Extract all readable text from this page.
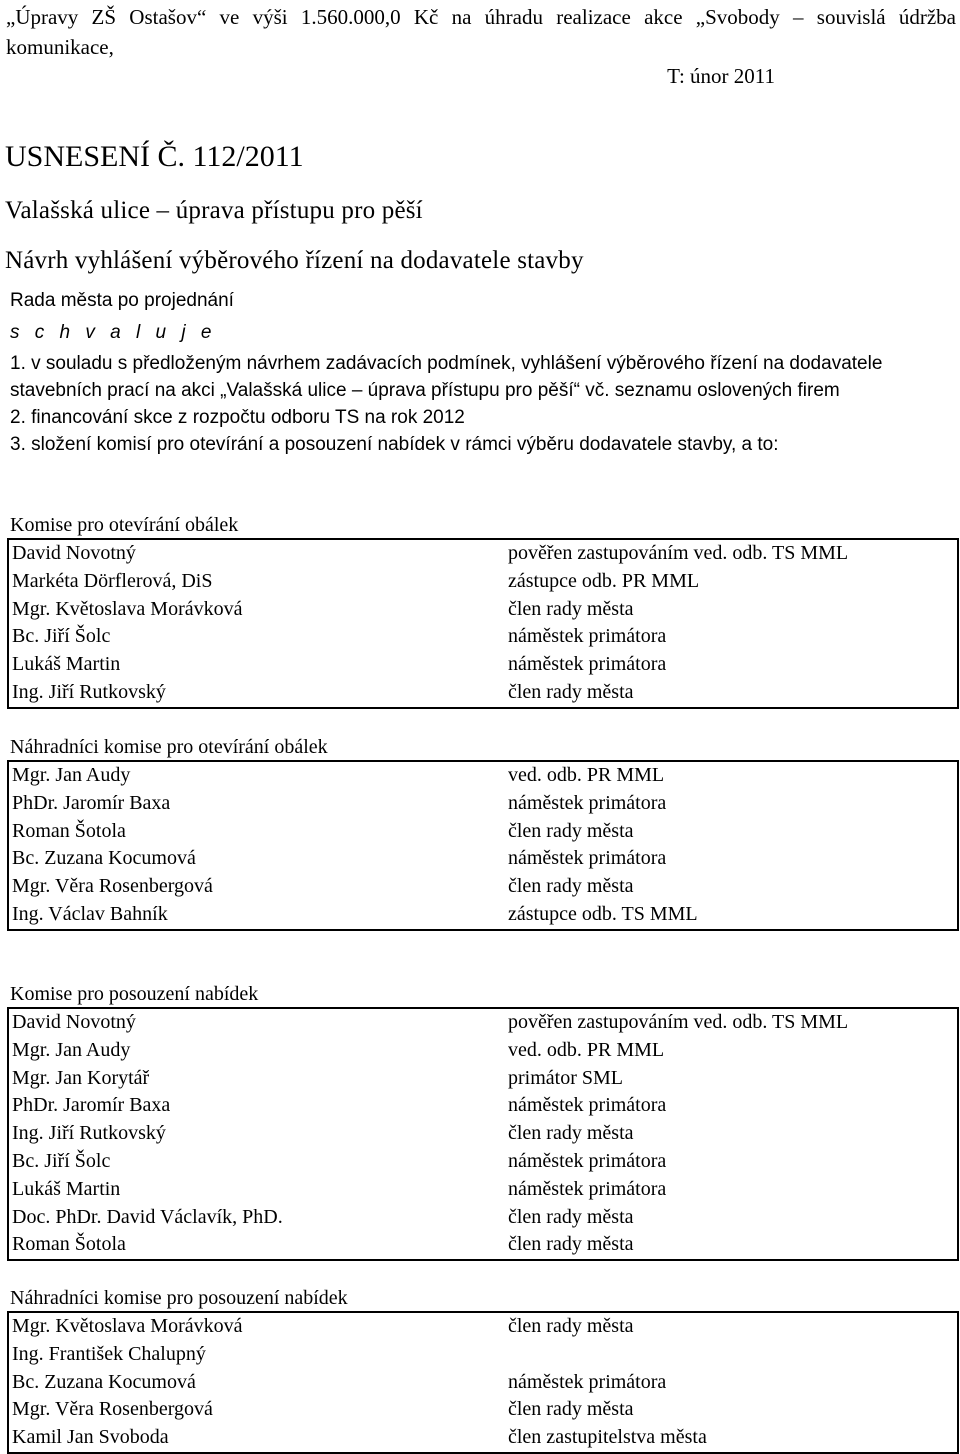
„Úpravy ZŠ Ostašov“ ve výši 1.560.000,0 Kč na úhradu realizace akce „Svobody – souvislá údržba komunikace,
T: únor 2011
USNESENÍ Č. 112/2011
Valašská ulice – úprava přístupu pro pěší
Návrh vyhlášení výběrového řízení na dodavatele stavby
Rada města po projednání
s c h v a l u j e

1. v souladu s předloženým návrhem zadávacích podmínek, vyhlášení výběrového řízení na dodavatele stavebních prací na akci „Valašská ulice – úprava přístupu pro pěší“ vč. seznamu oslovených firem

2. financování skce z rozpočtu odboru TS na rok 2012

3. složení komisí pro otevírání a posouzení nabídek v rámci výběru dodavatele stavby, a to:

Komise pro otevírání obálek
David Novotný	pověřen zastupováním ved. odb. TS MML
Markéta Dörflerová, DiS	zástupce odb. PR MML
Mgr. Květoslava Morávková	člen rady města
Bc. Jiří Šolc	náměstek primátora
Lukáš Martin	náměstek primátora
Ing. Jiří Rutkovský	člen rady města
Náhradníci komise pro otevírání obálek
Mgr. Jan Audy	ved. odb. PR MML
PhDr. Jaromír Baxa	náměstek primátora
Roman Šotola	člen rady města
Bc. Zuzana Kocumová	náměstek primátora
Mgr. Věra Rosenbergová	člen rady města
Ing. Václav Bahník	zástupce odb. TS MML
Komise pro posouzení nabídek
David Novotný	pověřen zastupováním ved. odb. TS MML
Mgr. Jan Audy	ved. odb. PR MML
Mgr. Jan Korytář	primátor SML
PhDr. Jaromír Baxa	náměstek primátora
Ing. Jiří Rutkovský	člen rady města
Bc. Jiří Šolc	náměstek primátora
Lukáš Martin	náměstek primátora
Doc. PhDr. David Václavík, PhD.	člen rady města
Roman Šotola	člen rady města
Náhradníci komise pro posouzení nabídek
Mgr. Květoslava Morávková	člen rady města
Ing. František Chalupný	
Bc. Zuzana Kocumová	náměstek primátora
Mgr. Věra Rosenbergová	člen rady města
Kamil Jan Svoboda	člen zastupitelstva města
